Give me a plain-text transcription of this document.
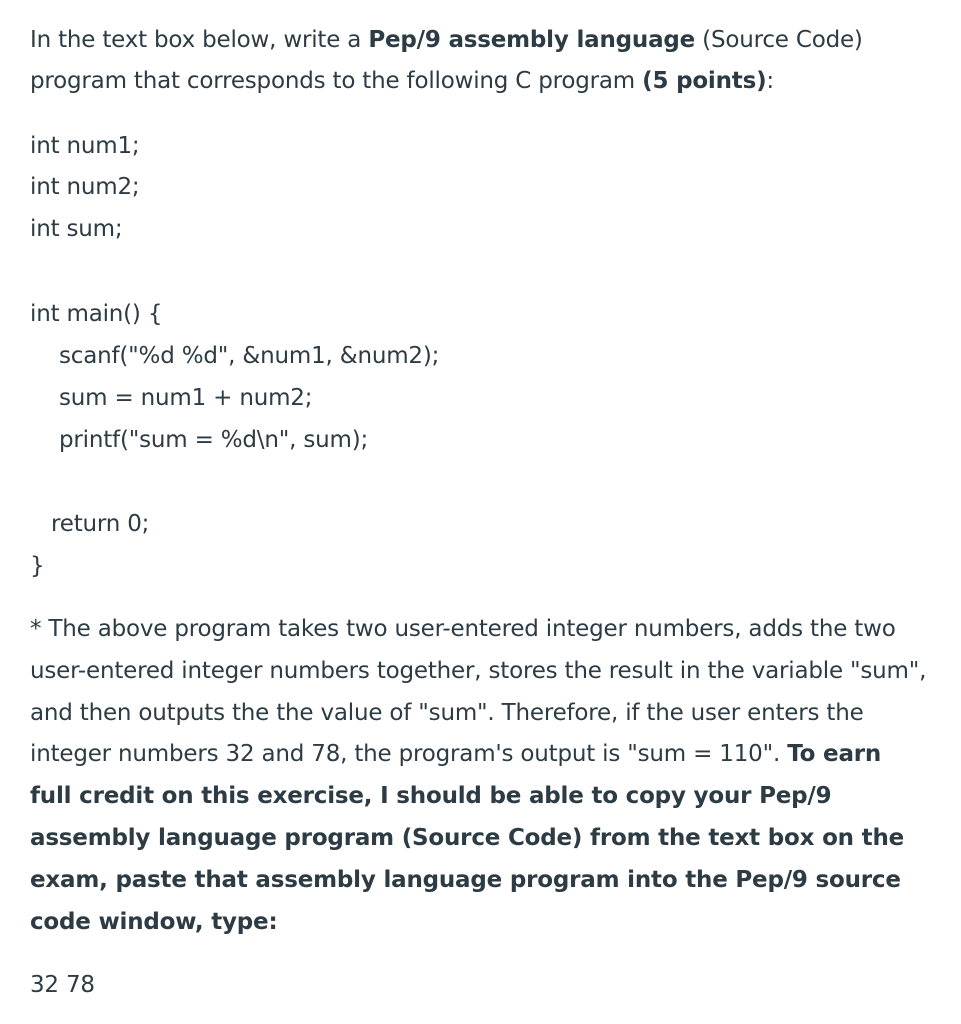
In the text box below, write a Pep/9 assembly language (Source Code) program that corresponds to the following C program (5 points):

int num1;

int num2;

int sum;

int main() {

scanf("%d %d", &num1, &num2);

sum = num1 + num2;

printf("sum = %d\n", sum);

return 0;

}

* The above program takes two user-entered integer numbers, adds the two user-entered integer numbers together, stores the result in the variable "sum", and then outputs the the value of "sum". Therefore, if the user enters the integer numbers 32 and 78, the program's output is "sum = 110". To earn full credit on this exercise, I should be able to copy your Pep/9 assembly language program (Source Code) from the text box on the exam, paste that assembly language program into the Pep/9 source code window, type:

32 78
